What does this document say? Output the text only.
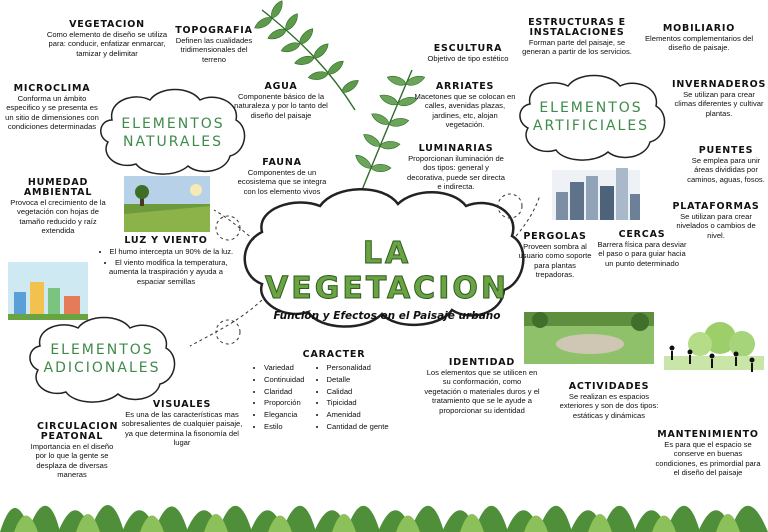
LA VEGETACION
Función y Efectos en el Paisaje urbano
ELEMENTOS
NATURALES
ELEMENTOS
ARTIFICIALES
ELEMENTOS
ADICIONALES
VEGETACION
Como elemento de diseño se utiliza para: conducir, enfatizar enmarcar, tamizar y delimitar
TOPOGRAFIA
Definen las cualidades tridimensionales del terreno
MICROCLIMA
Conforma un ámbito especifico y se presenta es un sitio de dimensiones con condiciones determinadas
AGUA
Componente básico de la naturaleza y por lo tanto del diseño del paisaje
FAUNA
Componentes de un ecosistema que se integra con los elemento vivos
HUMEDAD AMBIENTAL
Provoca el crecimiento de la vegetación con hojas de tamaño reducido y raíz extendida
LUZ Y VIENTO
• El humo intercepta un 90% de la luz.
• El viento modifica la temperatura, aumenta la traspiración y ayuda a espaciar semillas
ESCULTURA
Objetivo de tipo estético
ESTRUCTURAS E INSTALACIONES
Forman parte del paisaje, se generan a partir de los servicios.
MOBILIARIO
Elementos complementarios del diseño de paisaje.
ARRIATES
Macetones que se colocan en calles, avenidas plazas, jardines, etc, alojan vegetación.
INVERNADEROS
Se utilizan para crear climas diferentes y cultivar plantas.
LUMINARIAS
Proporcionan iluminación de dos tipos: general y decorativa, puede ser directa e indirecta.
PUENTES
Se emplea para unir áreas divididas por caminos, aguas, fosos.
CERCAS
Barrera física para desviar el paso o para guiar hacia un punto determinado
PERGOLAS
Proveen sombra al usuario como soporte para plantas trepadoras.
PLATAFORMAS
Se utilizan para crear nivelados o cambios de nivel.
CARACTER
• Variedad
• Continuidad
• Claridad
• Proporción
• Elegancia
• Estilo
• Personalidad
• Detalle
• Calidad
• Tipicidad
• Amenidad
• Cantidad de gente
IDENTIDAD
Los elementos que se utilicen en su conformación, como vegetación o materiales duros y el tratamiento que se le ayude a proporcionar su identidad
ACTIVIDADES
Se realizan es espacios exteriores y son de dos tipos: estáticas y dinámicas
VISUALES
Es una de las características mas sobresalientes de cualquier paisaje, ya que determina la fisonomía del lugar
CIRCULACION PEATONAL
Importancia en el diseño por lo que la gente se desplaza de diversas maneras
MANTENIMIENTO
Es para que el espacio se conserve en buenas condiciones, es primordial para el diseño del paisaje
